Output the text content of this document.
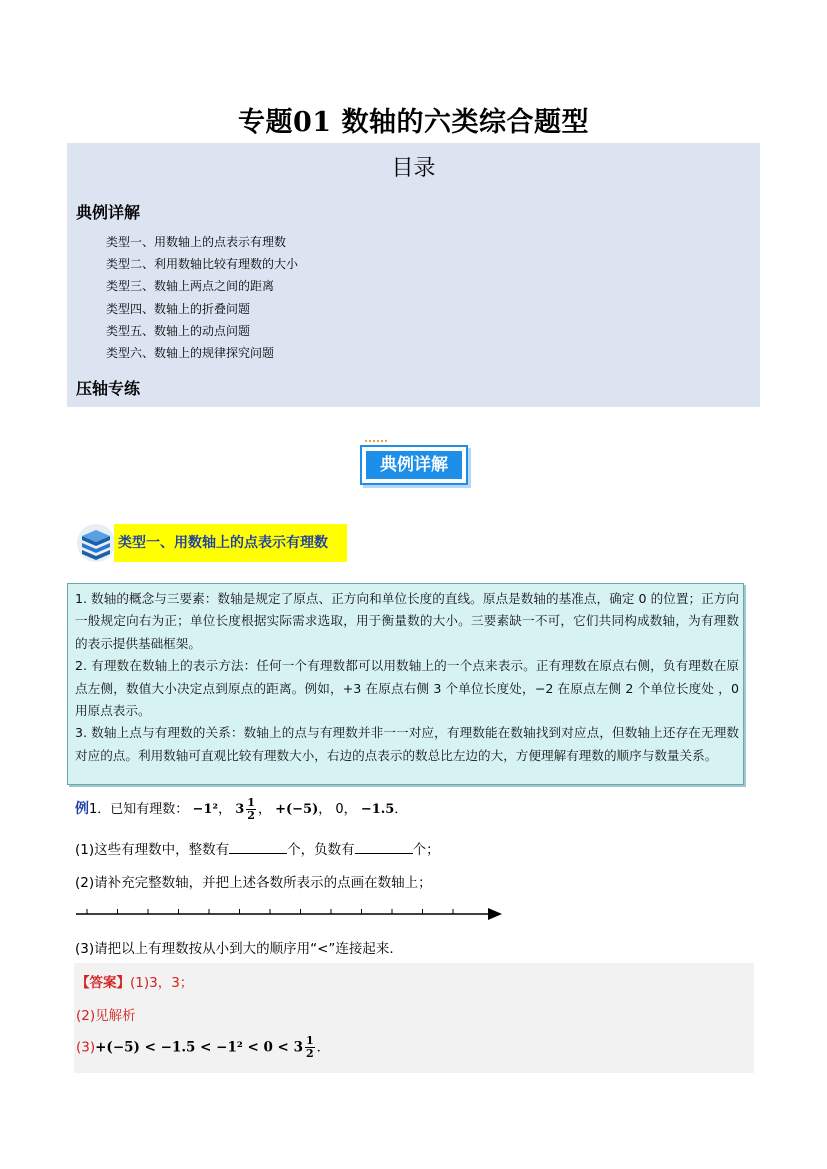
专题01 数轴的六类综合题型
目录
典例详解
类型一、用数轴上的点表示有理数
类型二、利用数轴比较有理数的大小
类型三、数轴上两点之间的距离
类型四、数轴上的折叠问题
类型五、数轴上的动点问题
类型六、数轴上的规律探究问题
压轴专练
典例详解
类型一、用数轴上的点表示有理数

1. 数轴的概念与三要素：数轴是规定了原点、正方向和单位长度的直线。原点是数轴的基准点，确定 0 的位置；正方向一般规定向右为正；单位长度根据实际需求选取，用于衡量数的大小。三要素缺一不可，它们共同构成数轴，为有理数的表示提供基础框架。

2. 有理数在数轴上的表示方法：任何一个有理数都可以用数轴上的一个点来表示。正有理数在原点右侧，负有理数在原点左侧，数值大小决定点到原点的距离。例如，+3 在原点右侧 3 个单位长度处，−2 在原点左侧 2 个单位长度处 ，0 用原点表示。

3. 数轴上点与有理数的关系：数轴上的点与有理数并非一一对应，有理数能在数轴找到对应点，但数轴上还存在无理数对应的点。利用数轴可直观比较有理数大小，右边的点表示的数总比左边的大，方便理解有理数的顺序与数量关系。

例1．已知有理数： −1²， $3 \frac{1}{2}$ ， +(−5)， 0， −1.5．
(1)这些有理数中，整数有	个，负数有	个；
(2)请补充完整数轴，并把上述各数所表示的点画在数轴上；
(3)请把以上有理数按从小到大的顺序用“<”连接起来．
【答案】(1)3，3；
(2)见解析
$(3)+(-5) < -1.5 < -1^2 < 0 < 3 \frac{1}{2}$ ．
